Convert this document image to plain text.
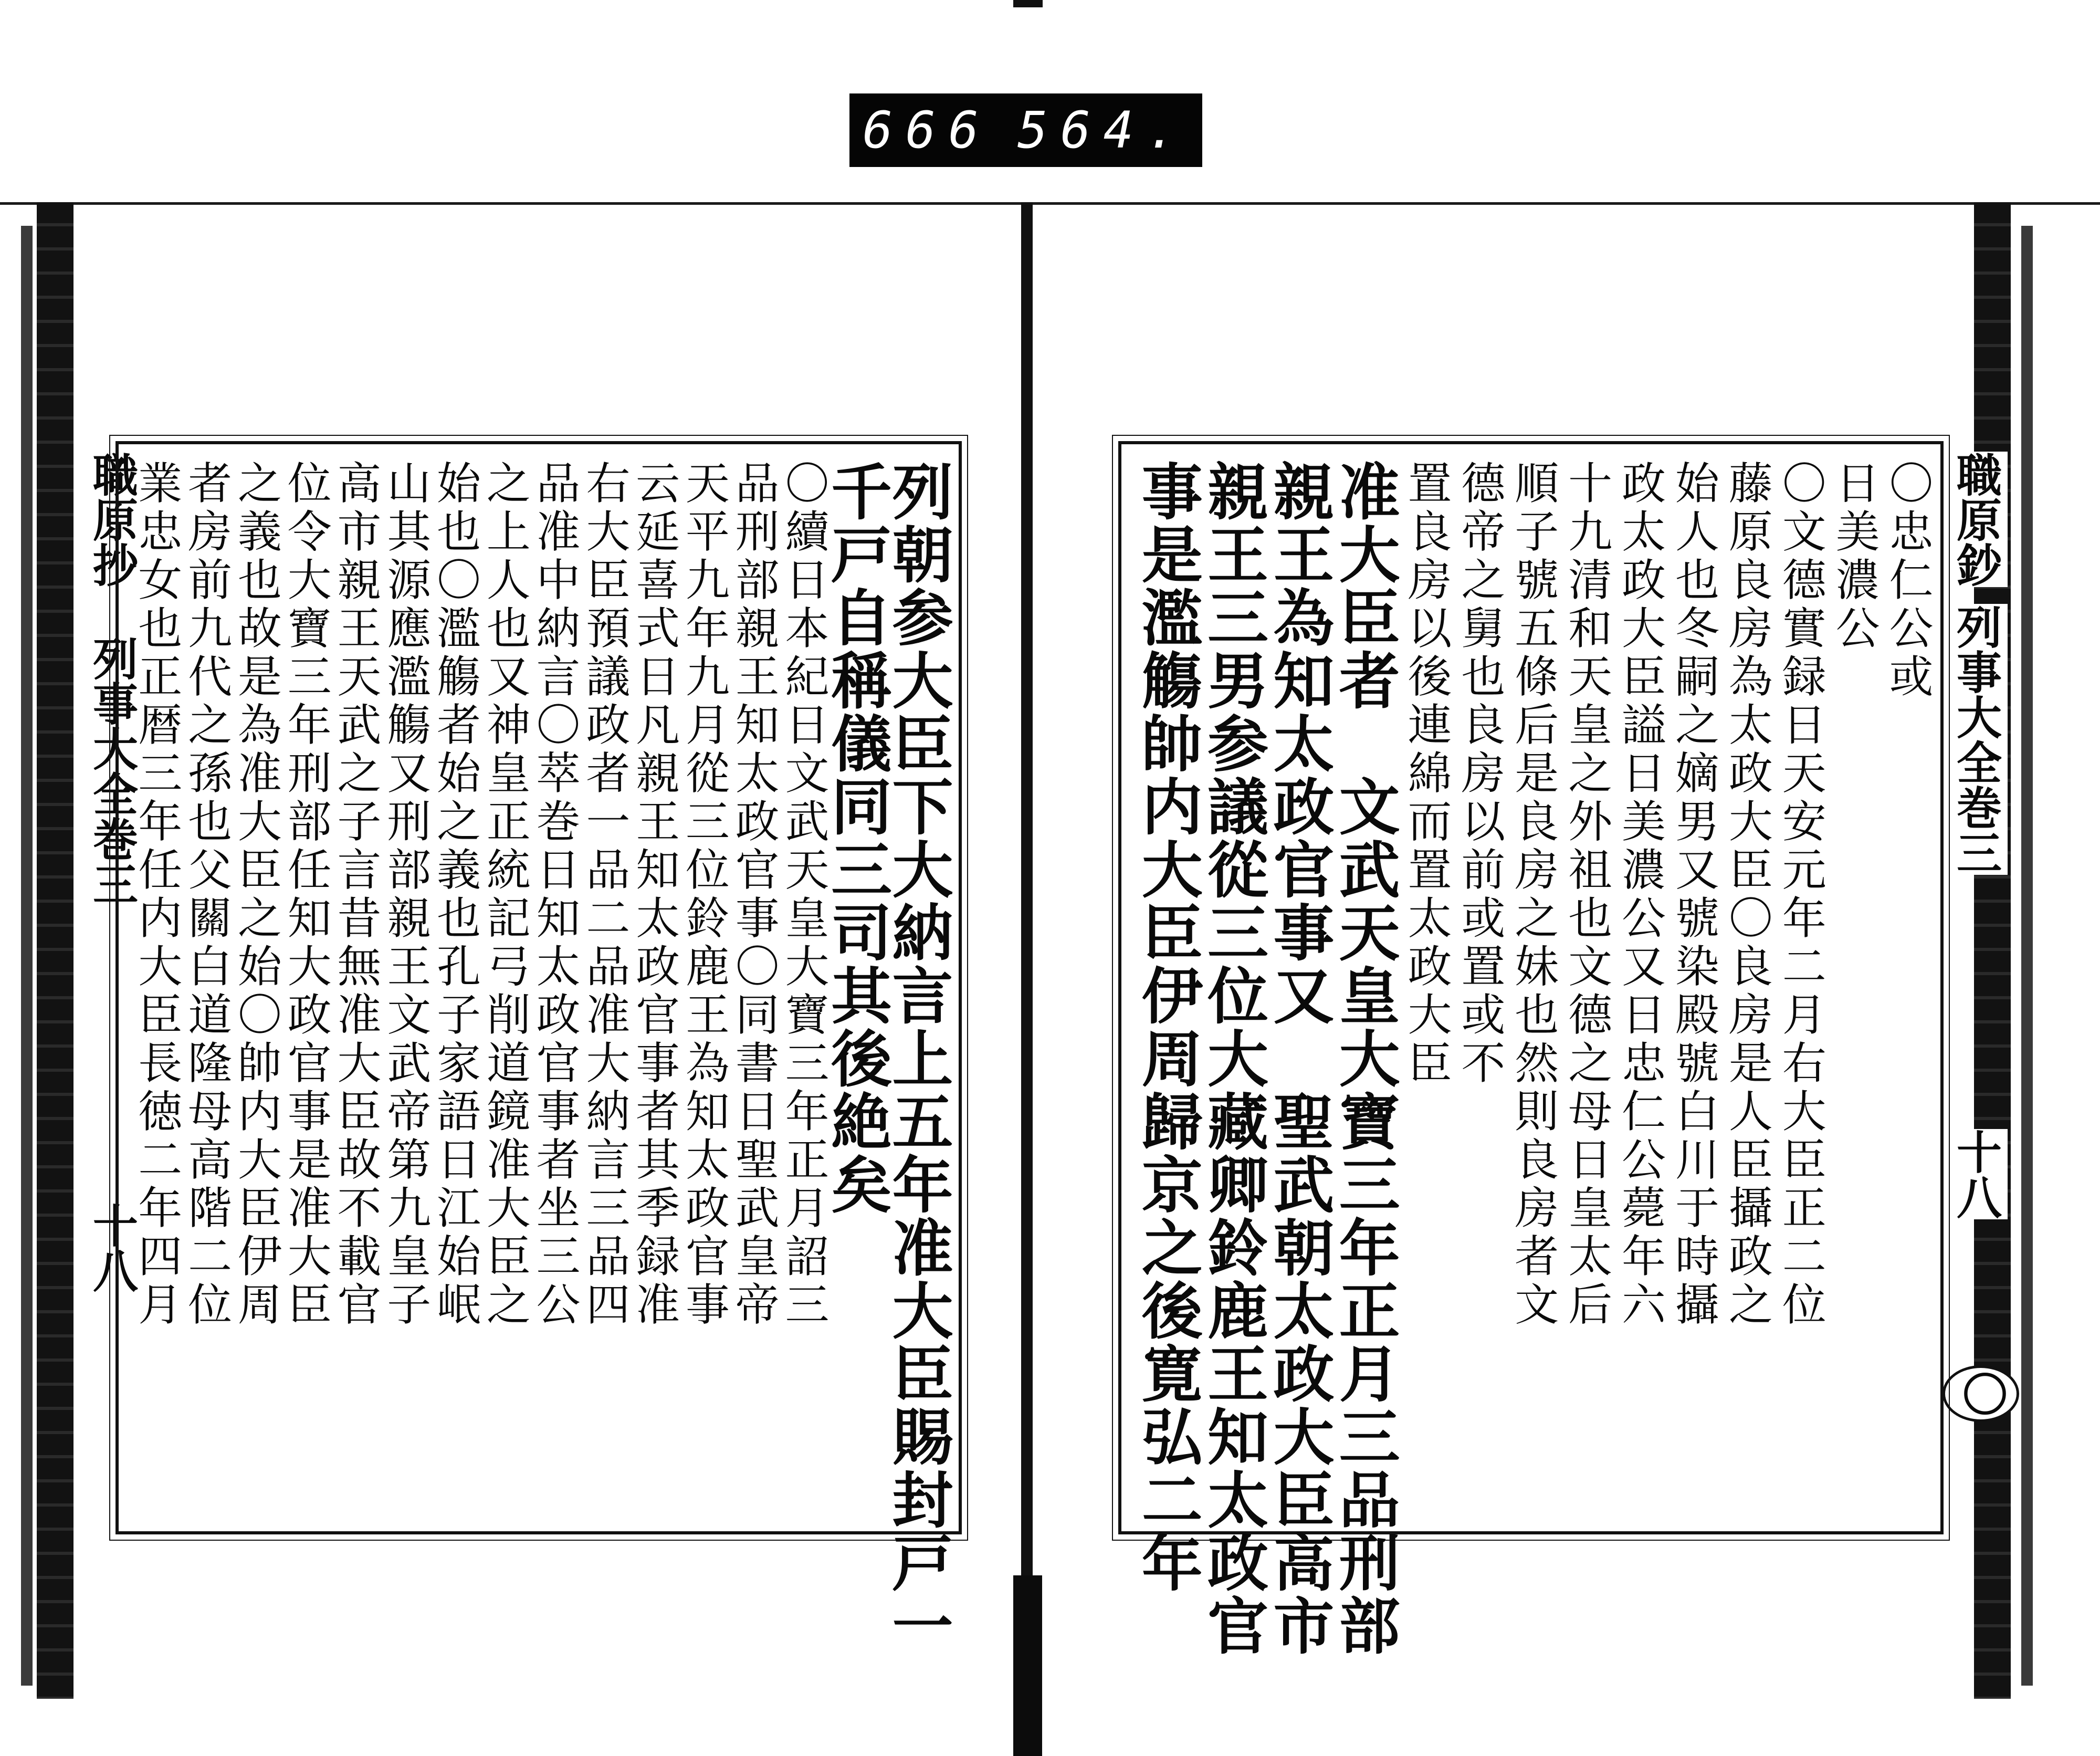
666 564.
職原抄
列事大全巻三
十八	列朝参大臣下大納言上五年准大臣賜封戸一
千戸自稱儀同三司其後絶矣
〇續日本紀日文武天皇大寶三年正月詔三
品刑部親王知太政官事〇同書日聖武皇帝
天平九年九月從三位鈴鹿王為知太政官事
云延喜式日凡親王知太政官事者其季録准
右大臣預議政者一品二品准大納言三品四
品准中納言〇萃巻日知太政官事者坐三公
之上人也又神皇正統記弓削道鏡准大臣之
始也〇濫觴者始之義也孔子家語日江始岷
山其源應濫觴又刑部親王文武帝第九皇子
高市親王天武之子言昔無准大臣故不載官
位令大寶三年刑部任知大政官事是准大臣
之義也故是為准大臣之始〇帥内大臣伊周
者房前九代之孫也父關白道隆母高階二位
業忠女也正暦三年任内大臣長徳二年四月	職原鈔
列事大全巻三
十八
〇
〇忠仁公或
日美濃公
〇文德實録日天安元年二月右大臣正二位
藤原良房為太政大臣〇良房是人臣攝政之
始人也冬嗣之嫡男又號染殿號白川于時攝
政太政大臣謚日美濃公又日忠仁公薨年六
十九清和天皇之外祖也文德之母日皇太后
順子號五條后是良房之妹也然則良房者文
德帝之舅也良房以前或置或不
置良房以後連綿而置太政大臣
准大臣者　文武天皇大寶三年正月三品刑部
親王為知太政官事又　聖武朝太政大臣高市
親王三男参議從三位大藏卿鈴鹿王知太政官
事是濫觴帥内大臣伊周歸京之後寛弘二年
